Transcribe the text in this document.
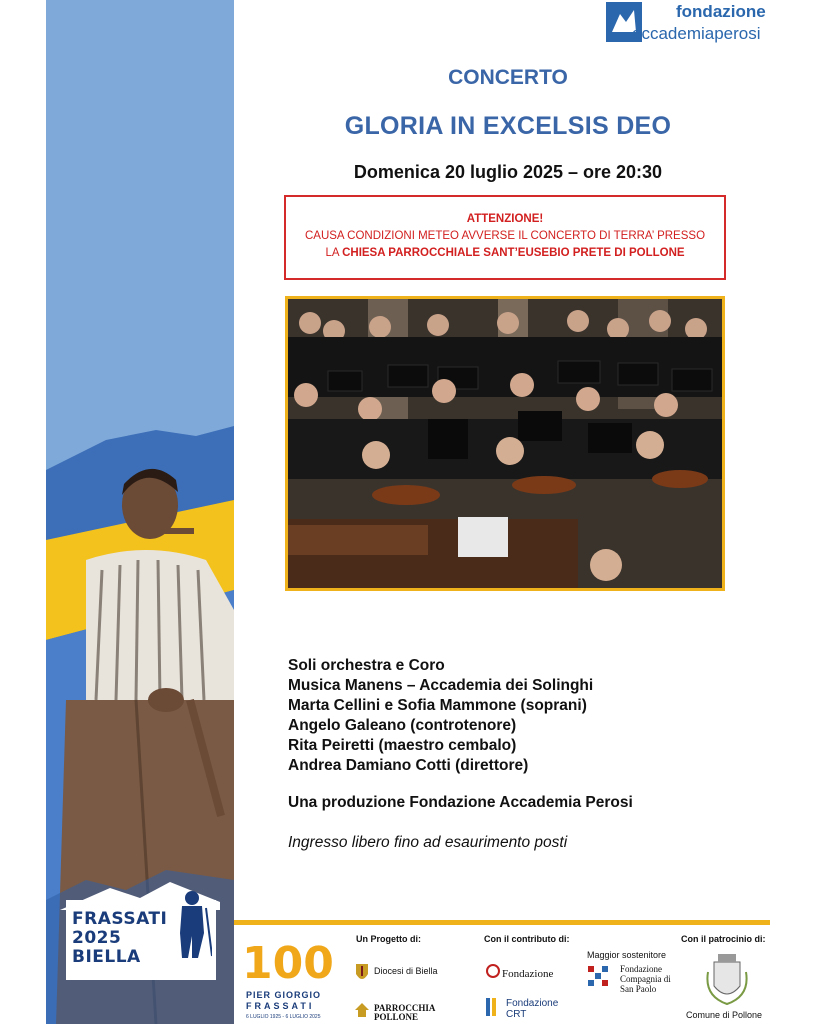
FRASSATI
2025
BIELLA
fondazione
accademiaperosi
CONCERTO
GLORIA IN EXCELSIS DEO
Domenica 20 luglio 2025 – ore 20:30
ATTENZIONE!
CAUSA CONDIZIONI METEO AVVERSE IL CONCERTO DI TERRA’ PRESSO
LA CHIESA PARROCCHIALE SANT’EUSEBIO PRETE DI POLLONE
Soli orchestra e Coro
Musica Manens – Accademia dei Solinghi
Marta Cellini e Sofia Mammone (soprani)
Angelo Galeano (controtenore)
Rita Peiretti (maestro cembalo)
Andrea Damiano Cotti (direttore)
Una produzione Fondazione Accademia Perosi
Ingresso libero fino ad esaurimento posti
100
PIER GIORGIO
FRASSATI
6 LUGLIO 1925 - 6 LUGLIO 2025
Un Progetto di:	Con il contributo di:	Con il patrocinio di:
Maggior sostenitore
Diocesi di Biella
PARROCCHIA POLLONE
Fondazione
Fondazione CRT
Fondazione Compagnia di San Paolo
Comune di Pollone
